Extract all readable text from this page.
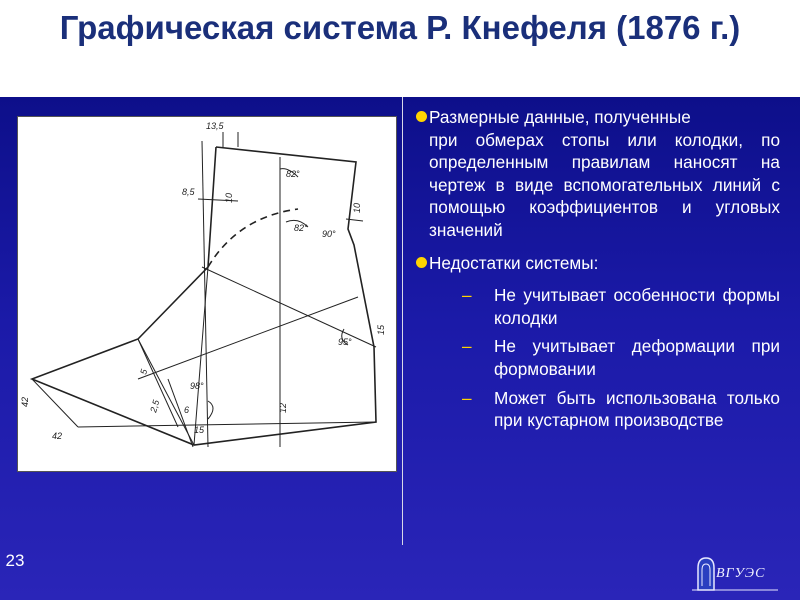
Графическая система Р. Кнефеля (1876 г.)
13,5
8,5
10
10
82°
82°
90°
95°
98°
15
15
12
42
42
6
5
2,5
Размерные данные, полученные
при обмерах стопы или колодки, по определенным правилам наносят на чертеж в виде вспомогательных линий с помощью коэффициентов и угловых значений
Недостатки системы:
– Не учитывает особенности формы колодки
– Не учитывает деформации при формовании
– Может быть использована только при кустарном производстве
23
ВГУЭС
